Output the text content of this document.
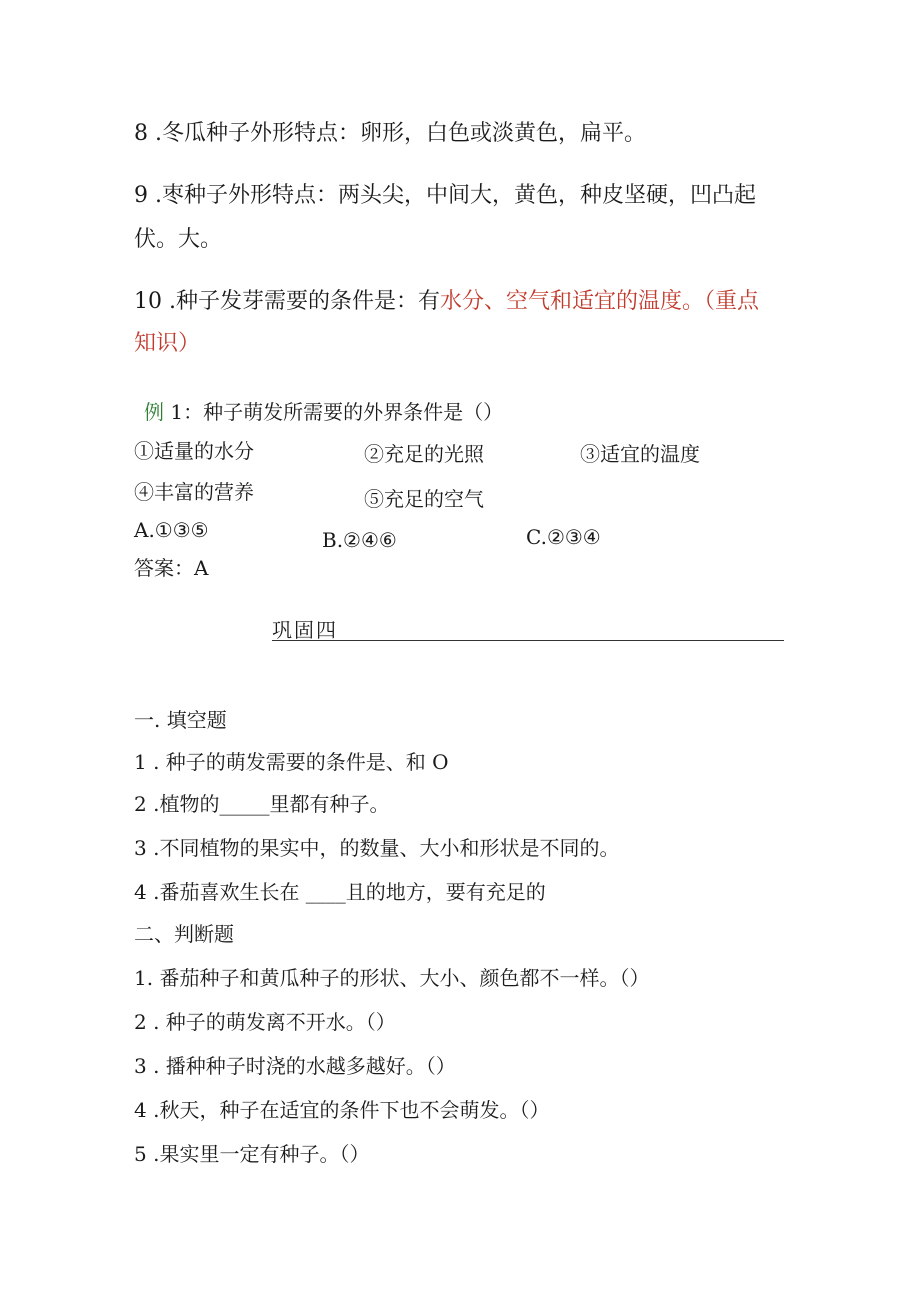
8 .冬瓜种子外形特点：卵形，白色或淡黄色，扁平。
9 .枣种子外形特点：两头尖，中间大，黄色，种皮坚硬，凹凸起
伏。大。
10 .种子发芽需要的条件是：有水分、空气和适宜的温度。（重点
知识）
例 1：种子萌发所需要的外界条件是（）
①适量的水分	②充足的光照	③适宜的温度
④丰富的营养	⑤充足的空气
A.①③⑤	B.②④⑥	C.②③④
答案：A
巩固四
一. 填空题
1 . 种子的萌发需要的条件是、和 O
2 .植物的_____里都有种子。
3 .不同植物的果实中，的数量、大小和形状是不同的。
4 .番茄喜欢生长在 ____且的地方，要有充足的
二、判断题
1. 番茄种子和黄瓜种子的形状、大小、颜色都不一样。（）
2 . 种子的萌发离不开水。（）
3 . 播种种子时浇的水越多越好。（）
4 .秋天，种子在适宜的条件下也不会萌发。（）
5 .果实里一定有种子。（）
